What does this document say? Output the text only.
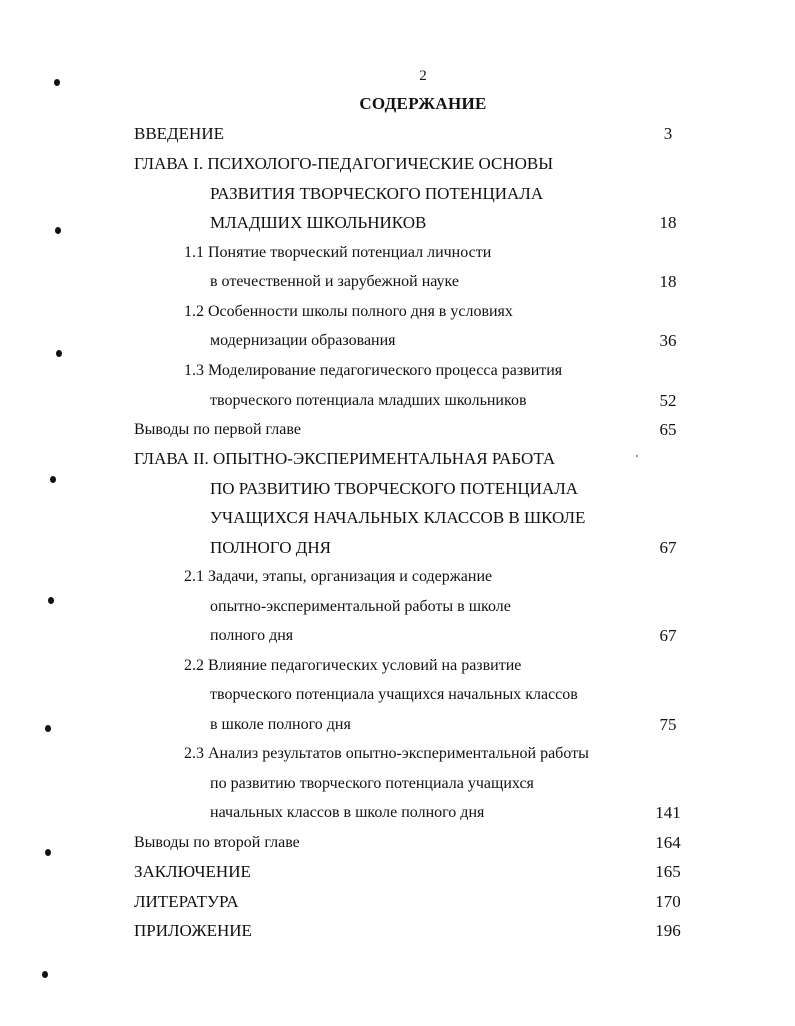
2
СОДЕРЖАНИЕ
ВВЕДЕНИЕ
ГЛАВА I. ПСИХОЛОГО-ПЕДАГОГИЧЕСКИЕ ОСНОВЫ
РАЗВИТИЯ ТВОРЧЕСКОГО ПОТЕНЦИАЛА
МЛАДШИХ ШКОЛЬНИКОВ
1.1 Понятие творческий потенциал личности
в отечественной и зарубежной науке
1.2 Особенности школы полного дня в условиях
модернизации образования
1.3 Моделирование педагогического процесса развития
творческого потенциала младших школьников
Выводы по первой главе
ГЛАВА II. ОПЫТНО-ЭКСПЕРИМЕНТАЛЬНАЯ РАБОТА
ПО РАЗВИТИЮ ТВОРЧЕСКОГО ПОТЕНЦИАЛА
УЧАЩИХСЯ НАЧАЛЬНЫХ КЛАССОВ В ШКОЛЕ
ПОЛНОГО ДНЯ
2.1 Задачи, этапы, организация и содержание
опытно-экспериментальной работы в школе
полного дня
2.2 Влияние педагогических условий на развитие
творческого потенциала учащихся начальных классов
в школе полного дня
2.3 Анализ результатов опытно-экспериментальной работы
по развитию творческого потенциала учащихся
начальных классов в школе полного дня
Выводы по второй главе
ЗАКЛЮЧЕНИЕ
ЛИТЕРАТУРА
ПРИЛОЖЕНИЕ
3
18
18
36
52
65
67
67
75
141
164
165
170
196
